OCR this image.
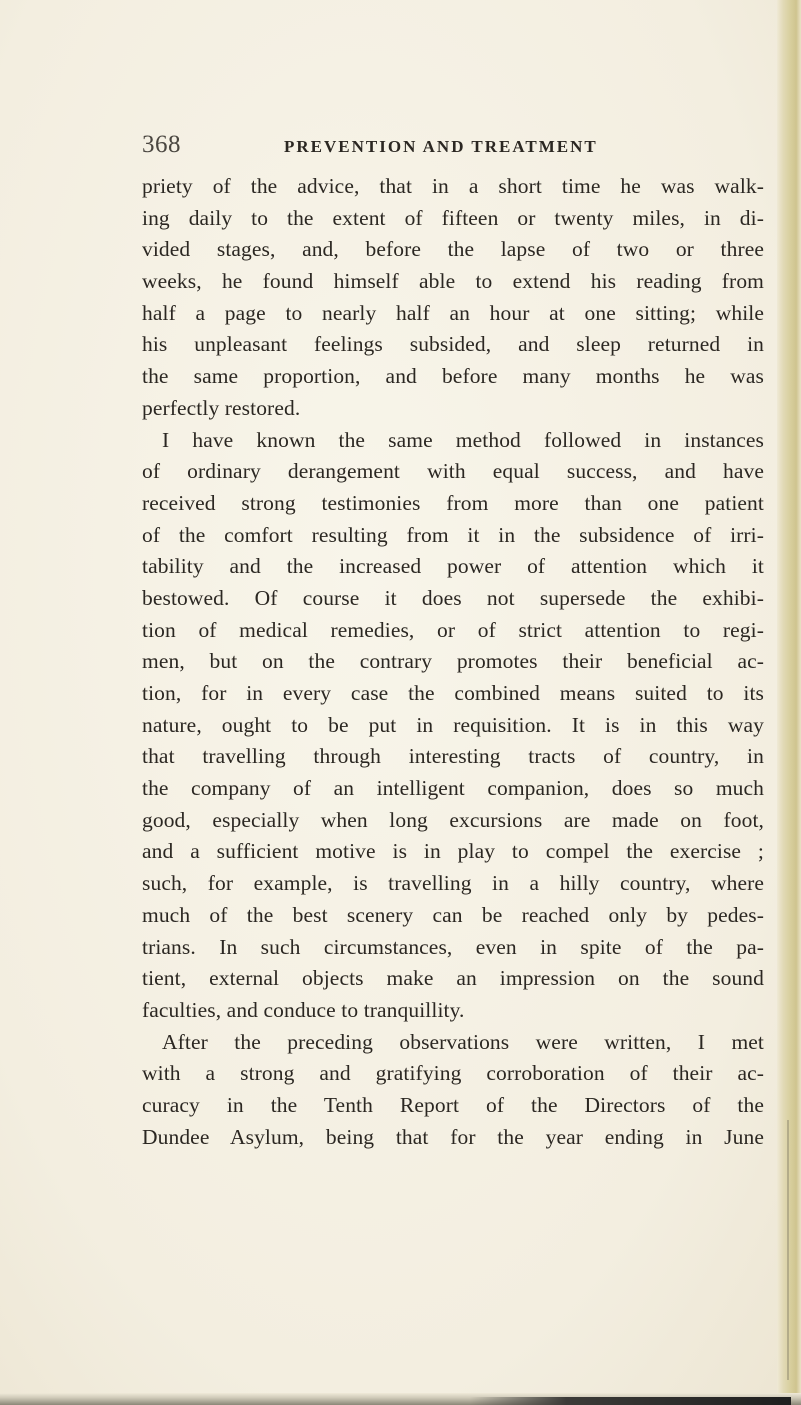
368	PREVENTION AND TREATMENT
priety of the advice, that in a short time he was walk-
ing daily to the extent of fifteen or twenty miles, in di-
vided stages, and, before the lapse of two or three
weeks, he found himself able to extend his reading from
half a page to nearly half an hour at one sitting; while
his unpleasant feelings subsided, and sleep returned in
the same proportion, and before many months he was
perfectly restored.
I have known the same method followed in instances
of ordinary derangement with equal success, and have
received strong testimonies from more than one patient
of the comfort resulting from it in the subsidence of irri-
tability and the increased power of attention which it
bestowed. Of course it does not supersede the exhibi-
tion of medical remedies, or of strict attention to regi-
men, but on the contrary promotes their beneficial ac-
tion, for in every case the combined means suited to its
nature, ought to be put in requisition. It is in this way
that travelling through interesting tracts of country, in
the company of an intelligent companion, does so much
good, especially when long excursions are made on foot,
and a sufficient motive is in play to compel the exercise ;
such, for example, is travelling in a hilly country, where
much of the best scenery can be reached only by pedes-
trians. In such circumstances, even in spite of the pa-
tient, external objects make an impression on the sound
faculties, and conduce to tranquillity.
After the preceding observations were written, I met
with a strong and gratifying corroboration of their ac-
curacy in the Tenth Report of the Directors of the
Dundee Asylum, being that for the year ending in June
